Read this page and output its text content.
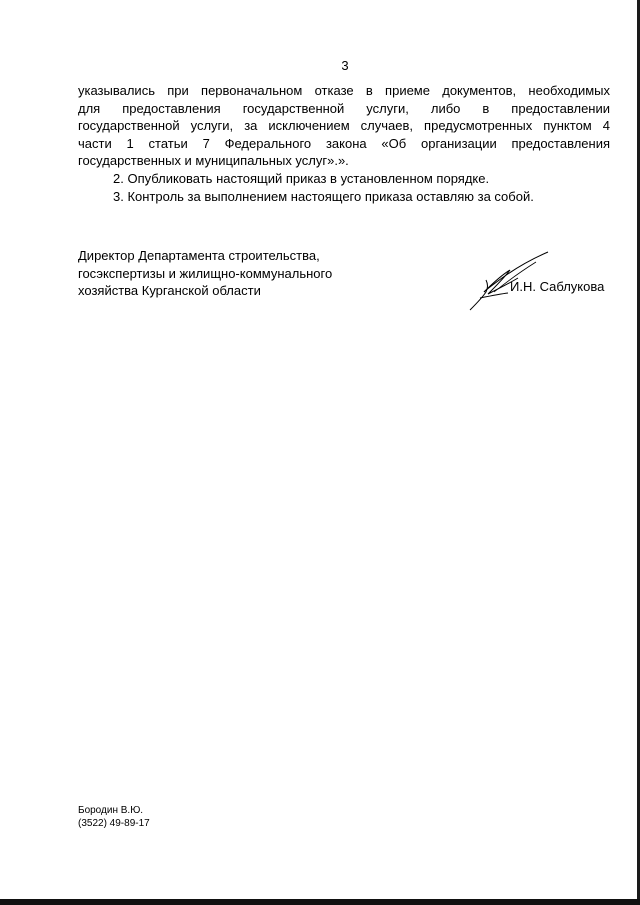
3
указывались при первоначальном отказе в приеме документов, необходимых
для предоставления государственной услуги, либо в предоставлении
государственной услуги, за исключением случаев, предусмотренных пунктом 4
части 1 статьи 7 Федерального закона «Об организации предоставления
государственных и муниципальных услуг».».
2. Опубликовать настоящий приказ в установленном порядке.
3. Контроль за выполнением настоящего приказа оставляю за собой.
Директор Департамента строительства,
госэкспертизы и жилищно-коммунального
хозяйства Курганской области	И.Н. Саблукова
Бородин В.Ю.
(3522) 49-89-17
